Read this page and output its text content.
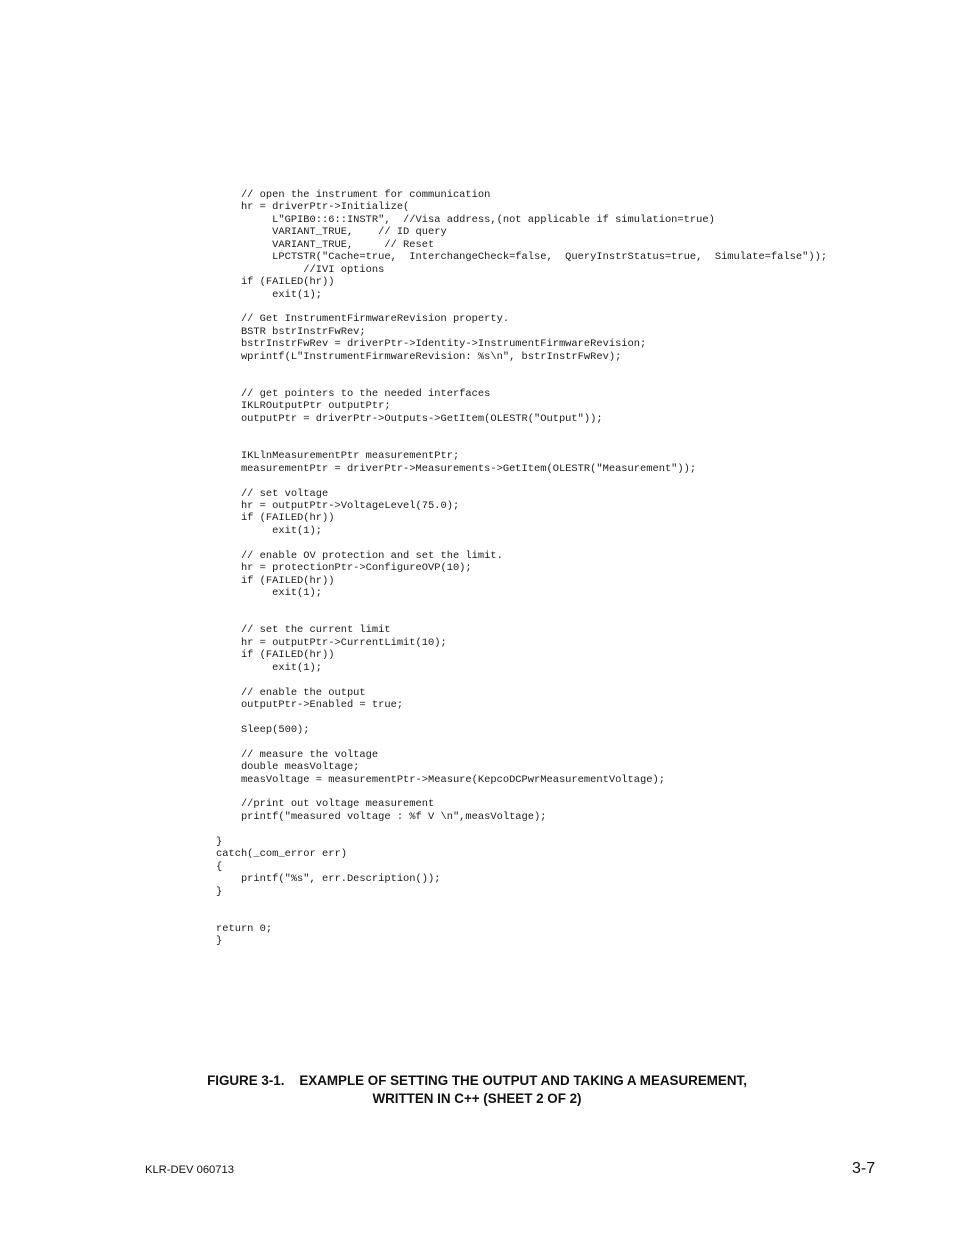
// open the instrument for communication
hr = driverPtr->Initialize(
L"GPIB0::6::INSTR",  //Visa address,(not applicable if simulation=true)
VARIANT_TRUE,    // ID query
VARIANT_TRUE,     // Reset
LPCTSTR("Cache=true,  InterchangeCheck=false,  QueryInstrStatus=true,  Simulate=false"));
//IVI options
if (FAILED(hr))
exit(1);
// Get InstrumentFirmwareRevision property.
BSTR bstrInstrFwRev;
bstrInstrFwRev = driverPtr->Identity->InstrumentFirmwareRevision;
wprintf(L"InstrumentFirmwareRevision: %s\n", bstrInstrFwRev);
// get pointers to the needed interfaces
IKLROutputPtr outputPtr;
outputPtr = driverPtr->Outputs->GetItem(OLESTR("Output"));
IKLlnMeasurementPtr measurementPtr;
measurementPtr = driverPtr->Measurements->GetItem(OLESTR("Measurement"));
// set voltage
hr = outputPtr->VoltageLevel(75.0);
if (FAILED(hr))
exit(1);
// enable OV protection and set the limit.
hr = protectionPtr->ConfigureOVP(10);
if (FAILED(hr))
exit(1);
// set the current limit
hr = outputPtr->CurrentLimit(10);
if (FAILED(hr))
exit(1);
// enable the output
outputPtr->Enabled = true;
Sleep(500);
// measure the voltage
double measVoltage;
measVoltage = measurementPtr->Measure(KepcoDCPwrMeasurementVoltage);
//print out voltage measurement
printf("measured voltage : %f V \n",measVoltage);
}
catch(_com_error err)
{
printf("%s", err.Description());
}
return 0;
}
FIGURE 3-1.    EXAMPLE OF SETTING THE OUTPUT AND TAKING A MEASUREMENT,
WRITTEN IN C++ (SHEET 2 OF 2)
KLR-DEV 060713	3-7
